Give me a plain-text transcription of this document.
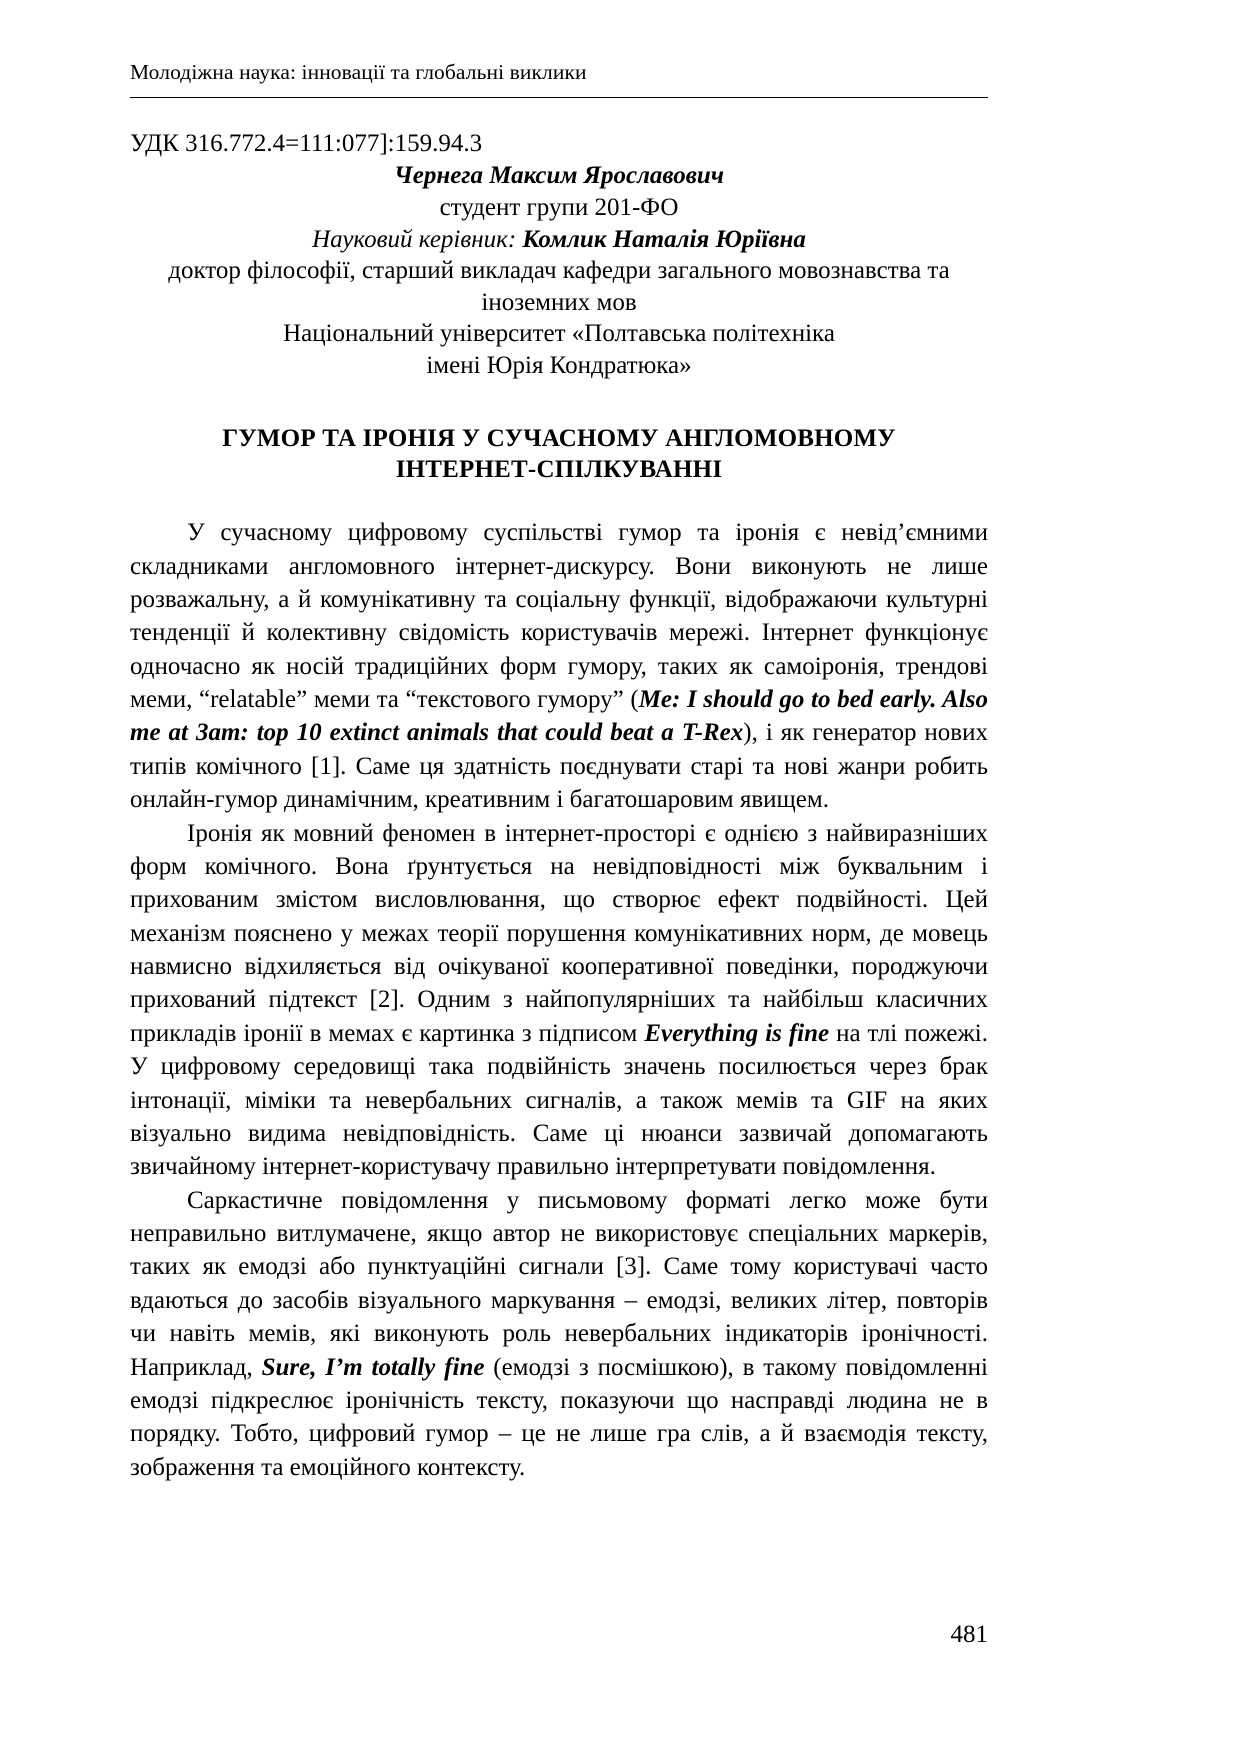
Молодіжна наука: інновації та глобальні виклики
УДК 316.772.4=111:077]:159.94.3
Чернега Максим Ярославович
студент групи 201-ФО
Науковий керівник: Комлик Наталія Юріївна
доктор філософії, старший викладач кафедри загального мовознавства та
іноземних мов
Національний університет «Полтавська політехніка
імені Юрія Кондратюка»
ГУМОР ТА ІРОНІЯ У СУЧАСНОМУ АНГЛОМОВНОМУ
ІНТЕРНЕТ-СПІЛКУВАННІ

У сучасному цифровому суспільстві гумор та іронія є невід’ємними складниками англомовного інтернет-дискурсу. Вони виконують не лише розважальну, а й комунікативну та соціальну функції, відображаючи культурні тенденції й колективну свідомість користувачів мережі. Інтернет функціонує одночасно як носій традиційних форм гумору, таких як самоіронія, трендові меми, “relatable” меми та “текстового гумору” (Me: I should go to bed early. Also me at 3am: top 10 extinct animals that could beat a T-Rex), і як генератор нових типів комічного [1]. Саме ця здатність поєднувати старі та нові жанри робить онлайн-гумор динамічним, креативним і багатошаровим явищем.

Іронія як мовний феномен в інтернет-просторі є однією з найвиразніших форм комічного. Вона ґрунтується на невідповідності між буквальним і прихованим змістом висловлювання, що створює ефект подвійності. Цей механізм пояснено у межах теорії порушення комунікативних норм, де мовець навмисно відхиляється від очікуваної кооперативної поведінки, породжуючи прихований підтекст [2]. Одним з найпопулярніших та найбільш класичних прикладів іронії в мемах є картинка з підписом Everything is fine на тлі пожежі. У цифровому середовищі така подвійність значень посилюється через брак інтонації, міміки та невербальних сигналів, а також мемів та GIF на яких візуально видима невідповідність. Саме ці нюанси зазвичай допомагають звичайному інтернет-користувачу правильно інтерпретувати повідомлення.

Саркастичне повідомлення у письмовому форматі легко може бути неправильно витлумачене, якщо автор не використовує спеціальних маркерів, таких як емодзі або пунктуаційні сигнали [3]. Саме тому користувачі часто вдаються до засобів візуального маркування – емодзі, великих літер, повторів чи навіть мемів, які виконують роль невербальних індикаторів іронічності. Наприклад, Sure, I’m totally fine (емодзі з посмішкою), в такому повідомленні емодзі підкреслює іронічність тексту, показуючи що насправді людина не в порядку. Тобто, цифровий гумор – це не лише гра слів, а й взаємодія тексту, зображення та емоційного контексту.

481
